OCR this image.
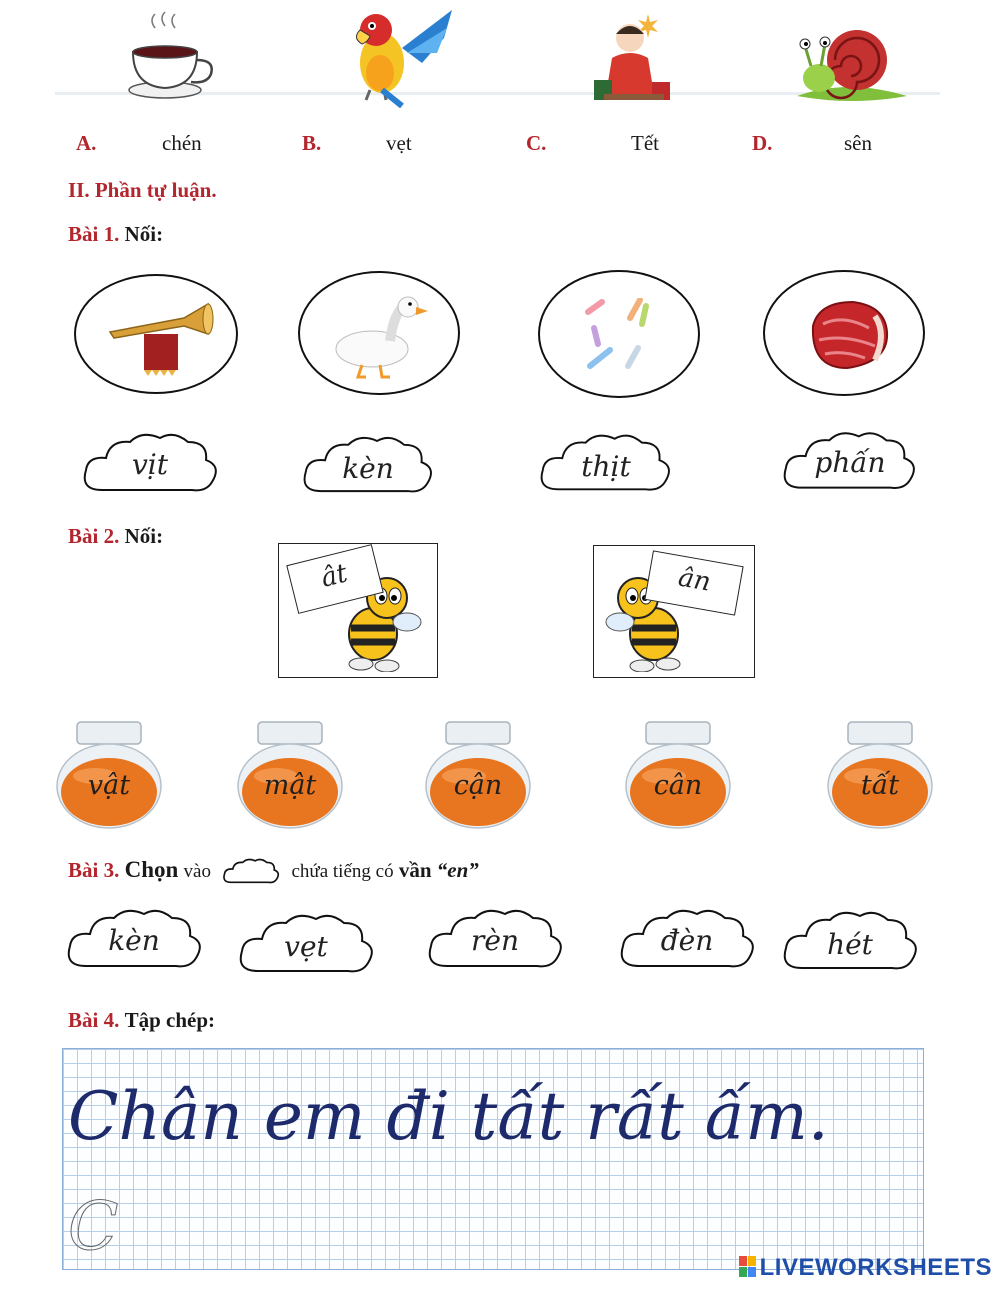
A.	chén	B.	vẹt	C.	Tết	D.	sên
II. Phần tự luận.
Bài 1. Nối:
vịt	kèn	thịt	phấn
Bài 2. Nối:
ât	ân
vật	mật	cận	cân	tất
Bài 3. Chọn vào	chứa tiếng có vần “en”
kèn	vẹt	rèn	đèn	hét
Bài 4. Tập chép:
Chân em đi tất rất ấm.
C
LIVEWORKSHEETS
